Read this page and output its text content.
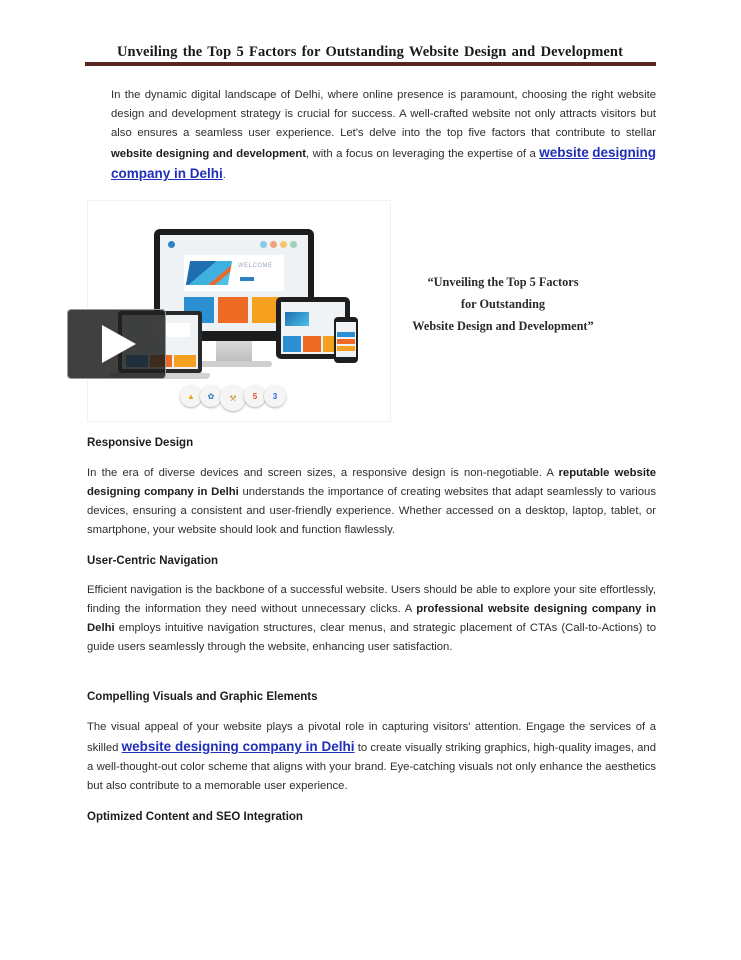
Unveiling the Top 5 Factors for Outstanding Website Design and Development

In the dynamic digital landscape of Delhi, where online presence is paramount, choosing the right website design and development strategy is crucial for success. A well-crafted website not only attracts visitors but also ensures a seamless user experience. Let's delve into the top five factors that contribute to stellar website designing and development, with a focus on leveraging the expertise of a website designing company in Delhi.

WELCOME
▲	✿	⚒	5	3
“Unveiling the Top 5 Factors
for Outstanding
Website Design and Development”
Responsive Design

In the era of diverse devices and screen sizes, a responsive design is non-negotiable. A reputable website designing company in Delhi understands the importance of creating websites that adapt seamlessly to various devices, ensuring a consistent and user-friendly experience. Whether accessed on a desktop, laptop, tablet, or smartphone, your website should look and function flawlessly.

User-Centric Navigation

Efficient navigation is the backbone of a successful website. Users should be able to explore your site effortlessly, finding the information they need without unnecessary clicks. A professional website designing company in Delhi employs intuitive navigation structures, clear menus, and strategic placement of CTAs (Call-to-Actions) to guide users seamlessly through the website, enhancing user satisfaction.

Compelling Visuals and Graphic Elements

The visual appeal of your website plays a pivotal role in capturing visitors' attention. Engage the services of a skilled website designing company in Delhi to create visually striking graphics, high-quality images, and a well-thought-out color scheme that aligns with your brand. Eye-catching visuals not only enhance the aesthetics but also contribute to a memorable user experience.

Optimized Content and SEO Integration
